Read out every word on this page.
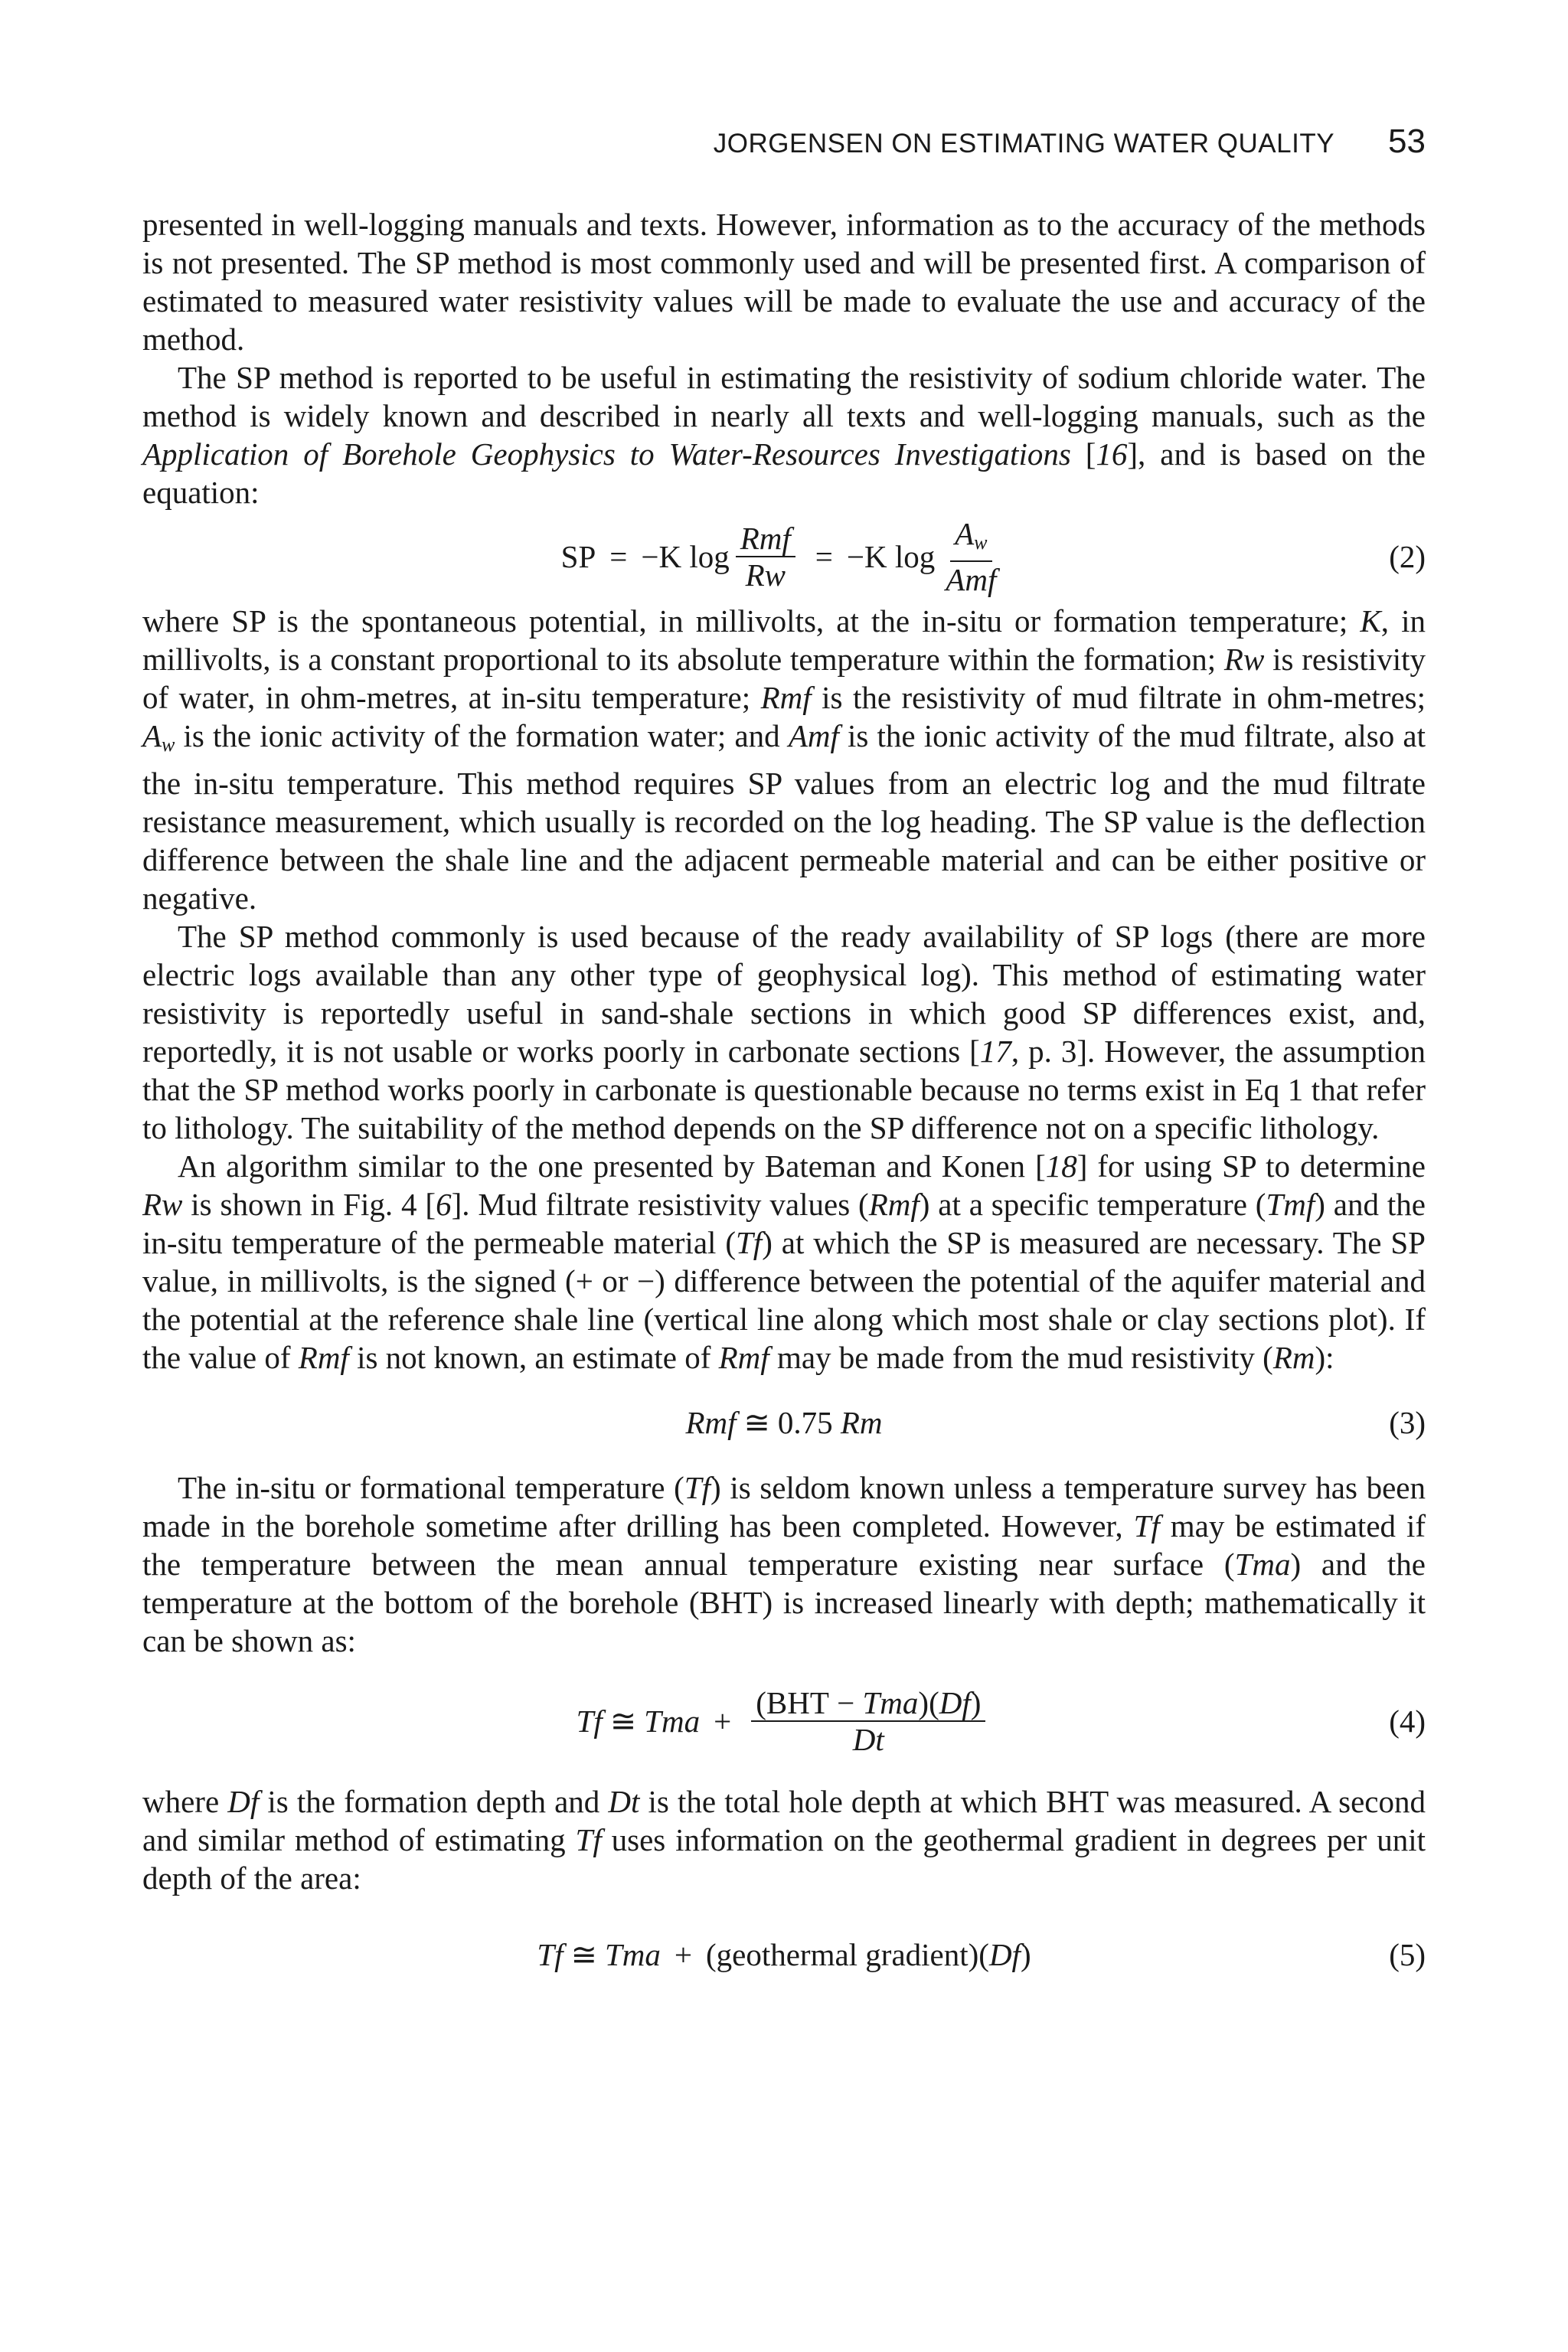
JORGENSEN ON ESTIMATING WATER QUALITY 53

presented in well-logging manuals and texts. However, information as to the accuracy of the methods is not presented. The SP method is most commonly used and will be presented first. A comparison of estimated to measured water resistivity values will be made to evaluate the use and accuracy of the method.

The SP method is reported to be useful in estimating the resistivity of sodium chloride water. The method is widely known and described in nearly all texts and well-logging manuals, such as the Application of Borehole Geophysics to Water-Resources Investigations [16], and is based on the equation:

SP = −K $\log \frac{\text{Rmf}}{Rw} = -K$ $\log \frac{A_w}{\text{Amf}}$	(2)

where SP is the spontaneous potential, in millivolts, at the in-situ or formation temperature; K, in millivolts, is a constant proportional to its absolute temperature within the formation; Rw is resistivity of water, in ohm-metres, at in-situ temperature; Rmf is the resistivity of mud filtrate in ohm-metres; $A_w$ is the ionic activity of the formation water; and Amf is the ionic activity of the mud filtrate, also at the in-situ temperature. This method requires SP values from an electric log and the mud filtrate resistance measurement, which usually is recorded on the log heading. The SP value is the deflection difference between the shale line and the adjacent permeable material and can be either positive or negative.

The SP method commonly is used because of the ready availability of SP logs (there are more electric logs available than any other type of geophysical log). This method of estimating water resistivity is reportedly useful in sand-shale sections in which good SP differences exist, and, reportedly, it is not usable or works poorly in carbonate sections [17, p. 3]. However, the assumption that the SP method works poorly in carbonate is questionable because no terms exist in Eq 1 that refer to lithology. The suitability of the method depends on the SP difference not on a specific lithology.

An algorithm similar to the one presented by Bateman and Konen [18] for using SP to determine Rw is shown in Fig. 4 [6]. Mud filtrate resistivity values (Rmf) at a specific temperature (Tmf) and the in-situ temperature of the permeable material (Tf) at which the SP is measured are necessary. The SP value, in millivolts, is the signed (+ or −) difference between the potential of the aquifer material and the potential at the reference shale line (vertical line along which most shale or clay sections plot). If the value of Rmf is not known, an estimate of Rmf may be made from the mud resistivity (Rm):

Rmf ≅ 0.75
Rm	(3)

The in-situ or formational temperature (Tf) is seldom known unless a temperature survey has been made in the borehole sometime after drilling has been completed. However, Tf may be estimated if the temperature between the mean annual temperature existing near surface (Tma) and the temperature at the bottom of the borehole (BHT) is increased linearly with depth; mathematically it can be shown as:

Tf ≅ Tma + $\frac{\text{(BHT − Tma)(Df)}}{Dt}$	(4)

where Df is the formation depth and Dt is the total hole depth at which BHT was measured. A second and similar method of estimating Tf uses information on the geothermal gradient in degrees per unit depth of the area:

Tf ≅ Tma + (geothermal gradient)( Df )	(5)
